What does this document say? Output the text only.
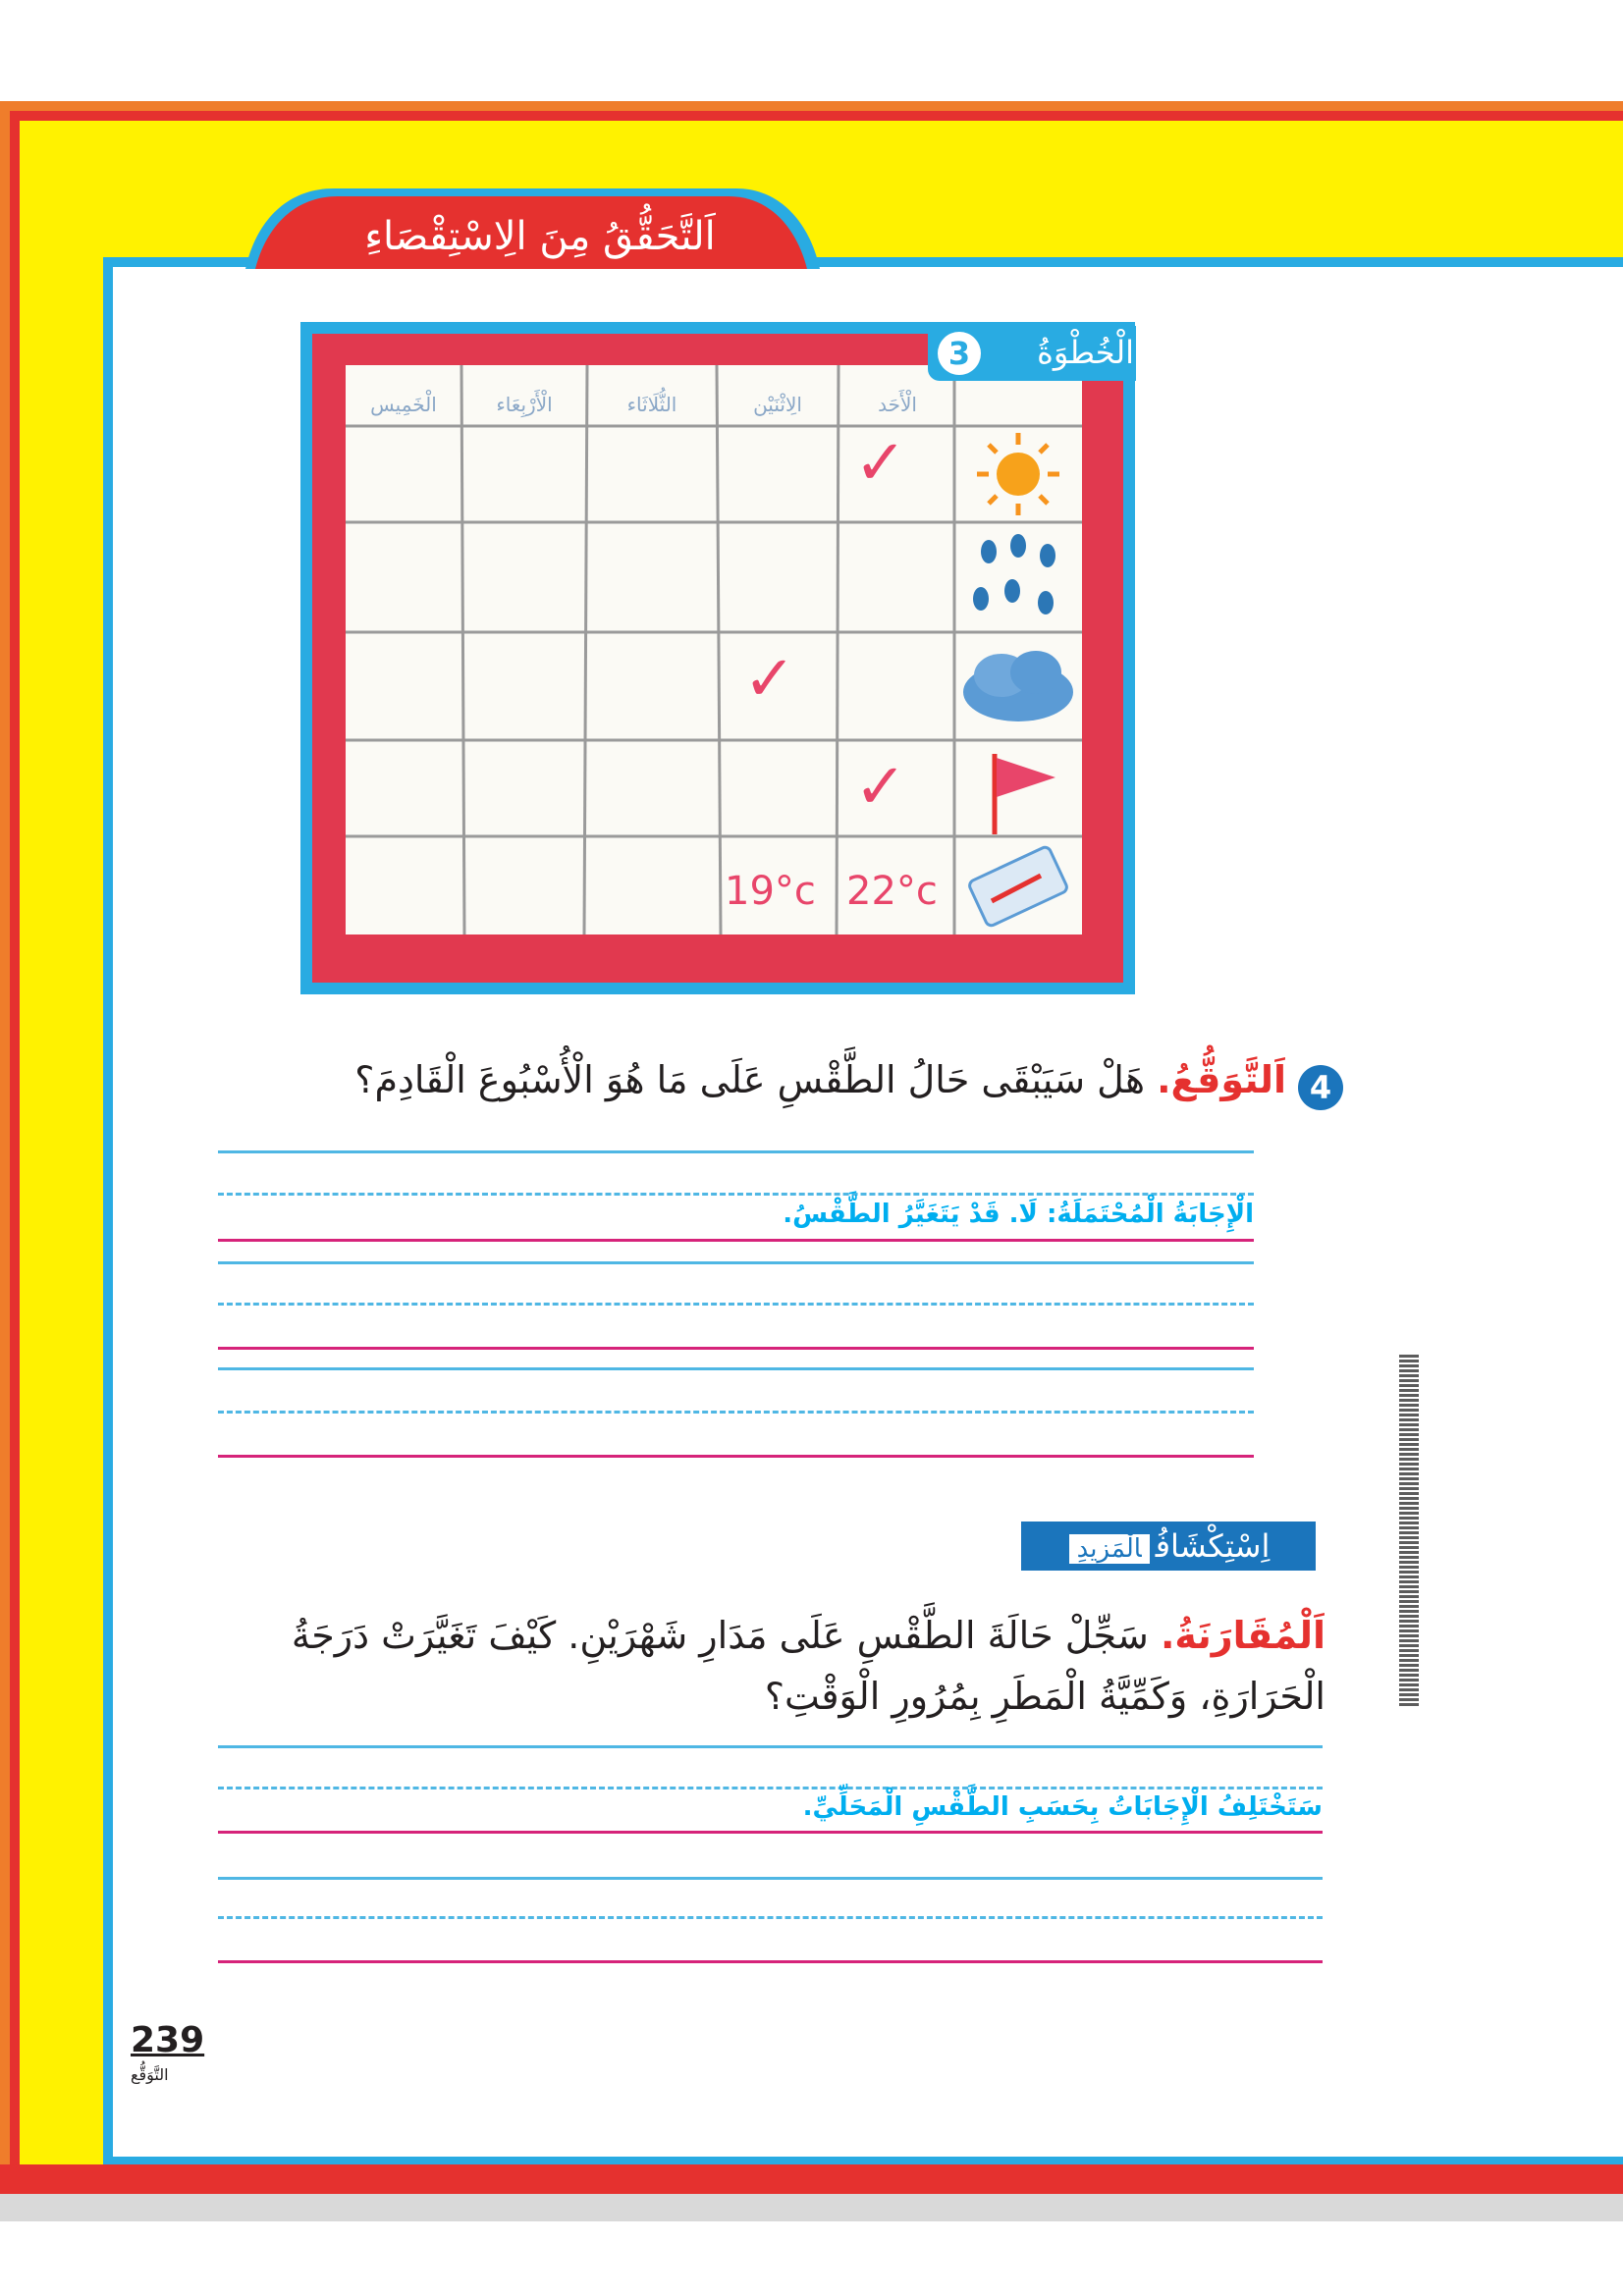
اَلتَّحَقُّقُ مِنَ الِاسْتِقْصَاءِ
3	الْخُطْوَةُ
الْأَحَد
الِاثْنَيْن
الثُّلَاثَاء
الْأَرْبِعَاء
الْخَمِيس
✓
✓
✓
22°c
19°c
4
اَلتَّوَقُّعُ. هَلْ سَيَبْقَى حَالُ الطَّقْسِ عَلَى مَا هُوَ الْأُسْبُوعَ الْقَادِمَ؟
الْإِجَابَةُ الْمُحْتَمَلَةُ: لَا. قَدْ يَتَغَيَّرُ الطَّقْسُ.
اِسْتِكْشَافُالْمَزِيدِ
اَلْمُقَارَنَةُ. سَجِّلْ حَالَةَ الطَّقْسِ عَلَى مَدَارِ شَهْرَيْنِ. كَيْفَ تَغَيَّرَتْ دَرَجَةُ الْحَرَارَةِ، وَكَمِّيَّةُ الْمَطَرِ بِمُرُورِ الْوَقْتِ؟
سَتَخْتَلِفُ الْإِجَابَاتُ بِحَسَبِ الطَّقْسِ الْمَحَلِّيِّ.
239
التَّوَقُّع
